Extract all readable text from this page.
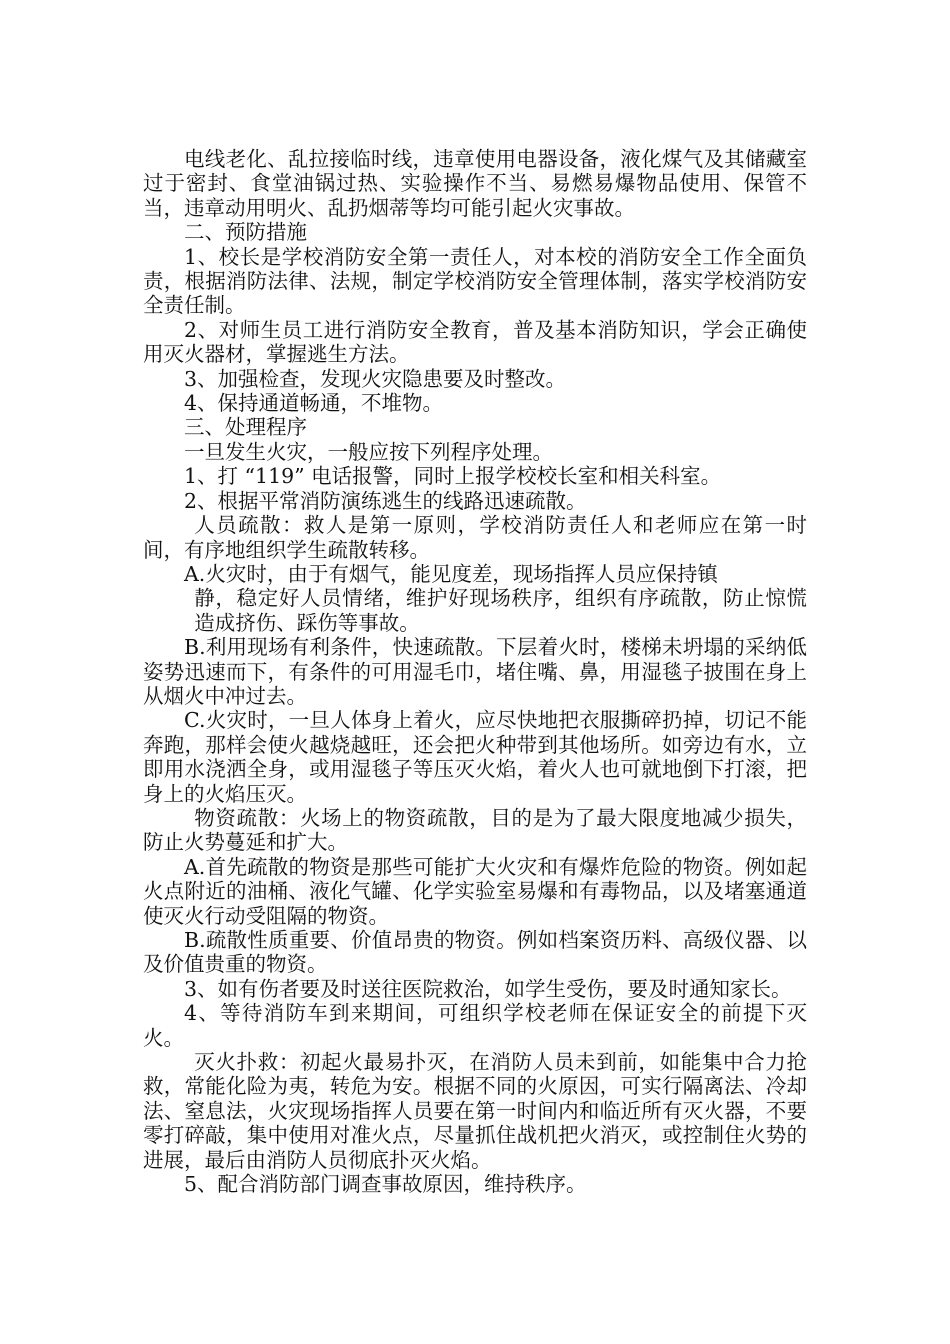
电线老化、乱拉接临时线，违章使用电器设备，液化煤气及其储藏室过于密封、食堂油锅过热、实验操作不当、易燃易爆物品使用、保管不当，违章动用明火、乱扔烟蒂等均可能引起火灾事故。

二、预防措施

1、校长是学校消防安全第一责任人，对本校的消防安全工作全面负责，根据消防法律、法规，制定学校消防安全管理体制，落实学校消防安全责任制。

2、对师生员工进行消防安全教育，普及基本消防知识，学会正确使用灭火器材，掌握逃生方法。

3、加强检查，发现火灾隐患要及时整改。

4、保持通道畅通，不堆物。

三、处理程序

一旦发生火灾，一般应按下列程序处理。

1、打 “119” 电话报警，同时上报学校校长室和相关科室。

2、根据平常消防演练逃生的线路迅速疏散。

人员疏散：救人是第一原则，学校消防责任人和老师应在第一时间，有序地组织学生疏散转移。

A.火灾时，由于有烟气，能见度差，现场指挥人员应保持镇

静，稳定好人员情绪，维护好现场秩序，组织有序疏散，防止惊慌造成挤伤、踩伤等事故。

B.利用现场有利条件，快速疏散。下层着火时，楼梯未坍塌的采纳低姿势迅速而下，有条件的可用湿毛巾，堵住嘴、鼻，用湿毯子披围在身上从烟火中冲过去。

C.火灾时，一旦人体身上着火，应尽快地把衣服撕碎扔掉，切记不能奔跑，那样会使火越烧越旺，还会把火种带到其他场所。如旁边有水，立即用水浇洒全身，或用湿毯子等压灭火焰，着火人也可就地倒下打滚，把身上的火焰压灭。

物资疏散：火场上的物资疏散，目的是为了最大限度地减少损失，防止火势蔓延和扩大。

A.首先疏散的物资是那些可能扩大火灾和有爆炸危险的物资。例如起火点附近的油桶、液化气罐、化学实验室易爆和有毒物品，以及堵塞通道使灭火行动受阻隔的物资。

B.疏散性质重要、价值昂贵的物资。例如档案资历料、高级仪器、以及价值贵重的物资。

3、如有伤者要及时送往医院救治，如学生受伤，要及时通知家长。

4、等待消防车到来期间，可组织学校老师在保证安全的前提下灭火。

灭火扑救：初起火最易扑灭，在消防人员未到前，如能集中合力抢救，常能化险为夷，转危为安。根据不同的火原因，可实行隔离法、冷却法、窒息法，火灾现场指挥人员要在第一时间内和临近所有灭火器，不要零打碎敲，集中使用对准火点，尽量抓住战机把火消灭，或控制住火势的进展，最后由消防人员彻底扑灭火焰。

5、配合消防部门调查事故原因，维持秩序。
